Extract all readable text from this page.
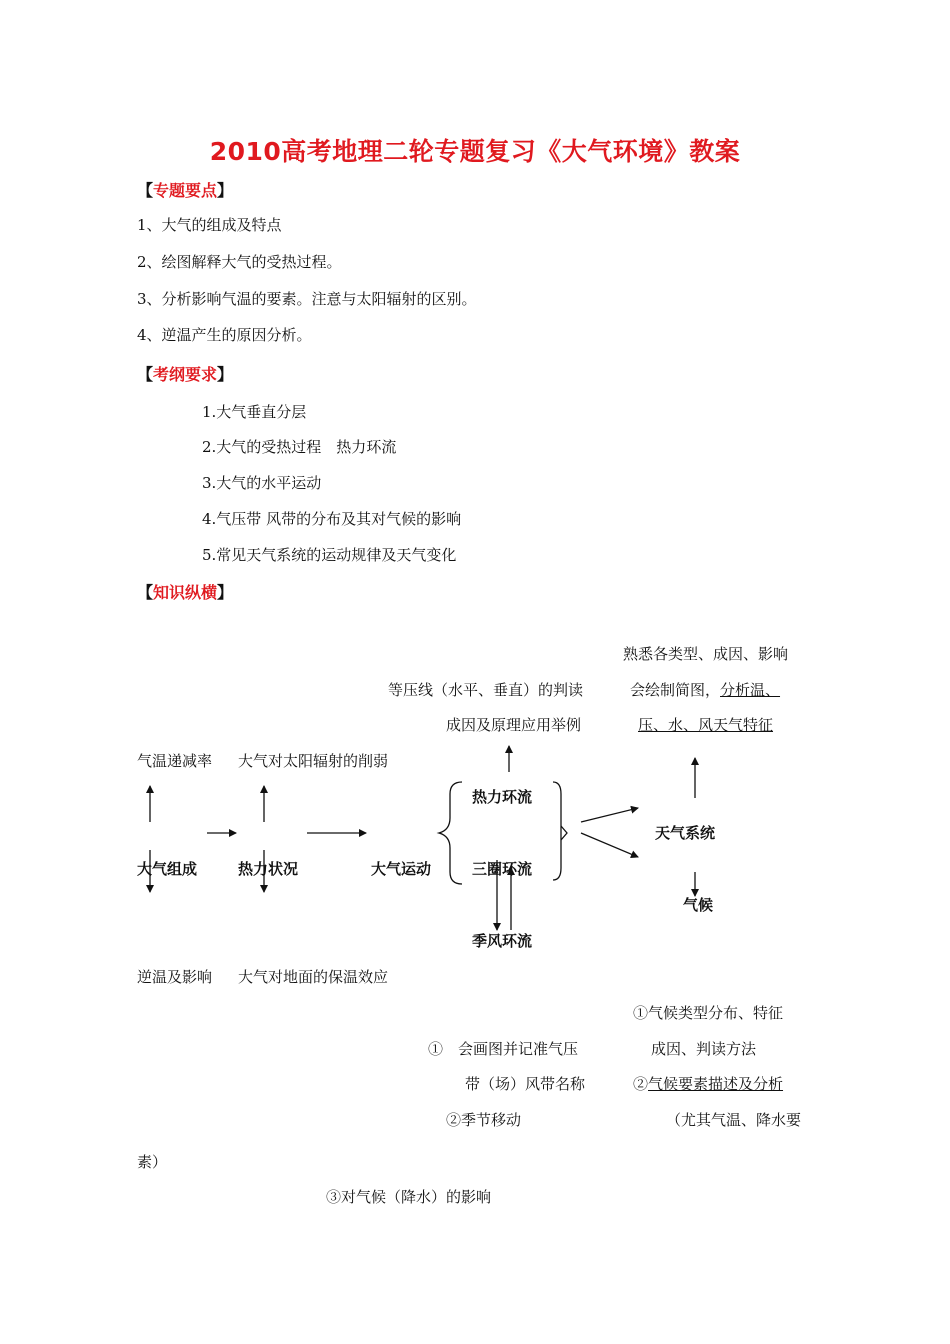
2010高考地理二轮专题复习《大气环境》教案
【专题要点】
1、大气的组成及特点
2、绘图解释大气的受热过程。
3、分析影响气温的要素。注意与太阳辐射的区别。
4、逆温产生的原因分析。
【考纲要求】
1.大气垂直分层
2.大气的受热过程　热力环流
3.大气的水平运动
4.气压带 风带的分布及其对气候的影响
5.常见天气系统的运动规律及天气变化
【知识纵横】
熟悉各类型、成因、影响
会绘制简图，分析温、
压、水、风天气特征
等压线（水平、垂直）的判读
成因及原理应用举例
气温递减率 大气对太阳辐射的削弱
热力环流
天气系统
大气组成	热力状况	大气运动	三圈环流
气候
季风环流
逆温及影响 大气对地面的保温效应
①气候类型分布、特征
成因、判读方法
②气候要素描述及分析
（尤其气温、降水要
素）
①　会画图并记准气压
带（场）风带名称
②季节移动
③对气候（降水）的影响
